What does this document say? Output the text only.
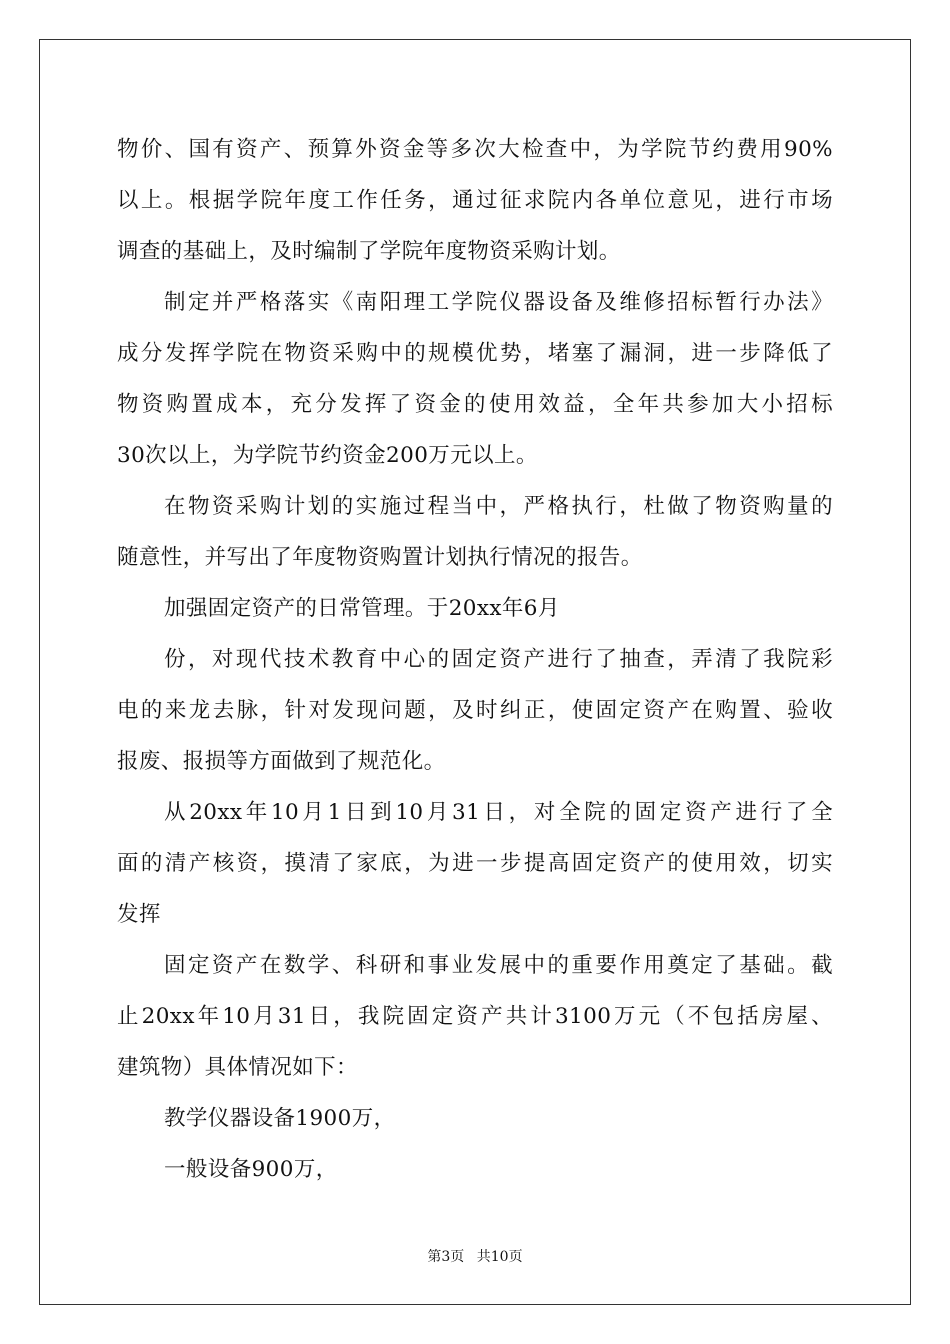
物价、国有资产、预算外资金等多次大检查中，为学院节约费用90%
以上。根据学院年度工作任务，通过征求院内各单位意见，进行市场
调查的基础上，及时编制了学院年度物资采购计划。
制定并严格落实《南阳理工学院仪器设备及维修招标暂行办法》
成分发挥学院在物资采购中的规模优势，堵塞了漏洞，进一步降低了
物资购置成本，充分发挥了资金的使用效益，全年共参加大小招标
30次以上，为学院节约资金200万元以上。
在物资采购计划的实施过程当中，严格执行，杜做了物资购量的
随意性，并写出了年度物资购置计划执行情况的报告。
加强固定资产的日常管理。于20xx年6月
份，对现代技术教育中心的固定资产进行了抽查，弄清了我院彩
电的来龙去脉，针对发现问题，及时纠正，使固定资产在购置、验收
报废、报损等方面做到了规范化。
从20xx年10月1日到10月31日，对全院的固定资产进行了全
面的清产核资，摸清了家底，为进一步提高固定资产的使用效，切实
发挥
固定资产在数学、科研和事业发展中的重要作用奠定了基础。截
止20xx年10月31日，我院固定资产共计3100万元（不包括房屋、
建筑物）具体情况如下：
教学仪器设备1900万，
一般设备900万，
第3页 共10页
